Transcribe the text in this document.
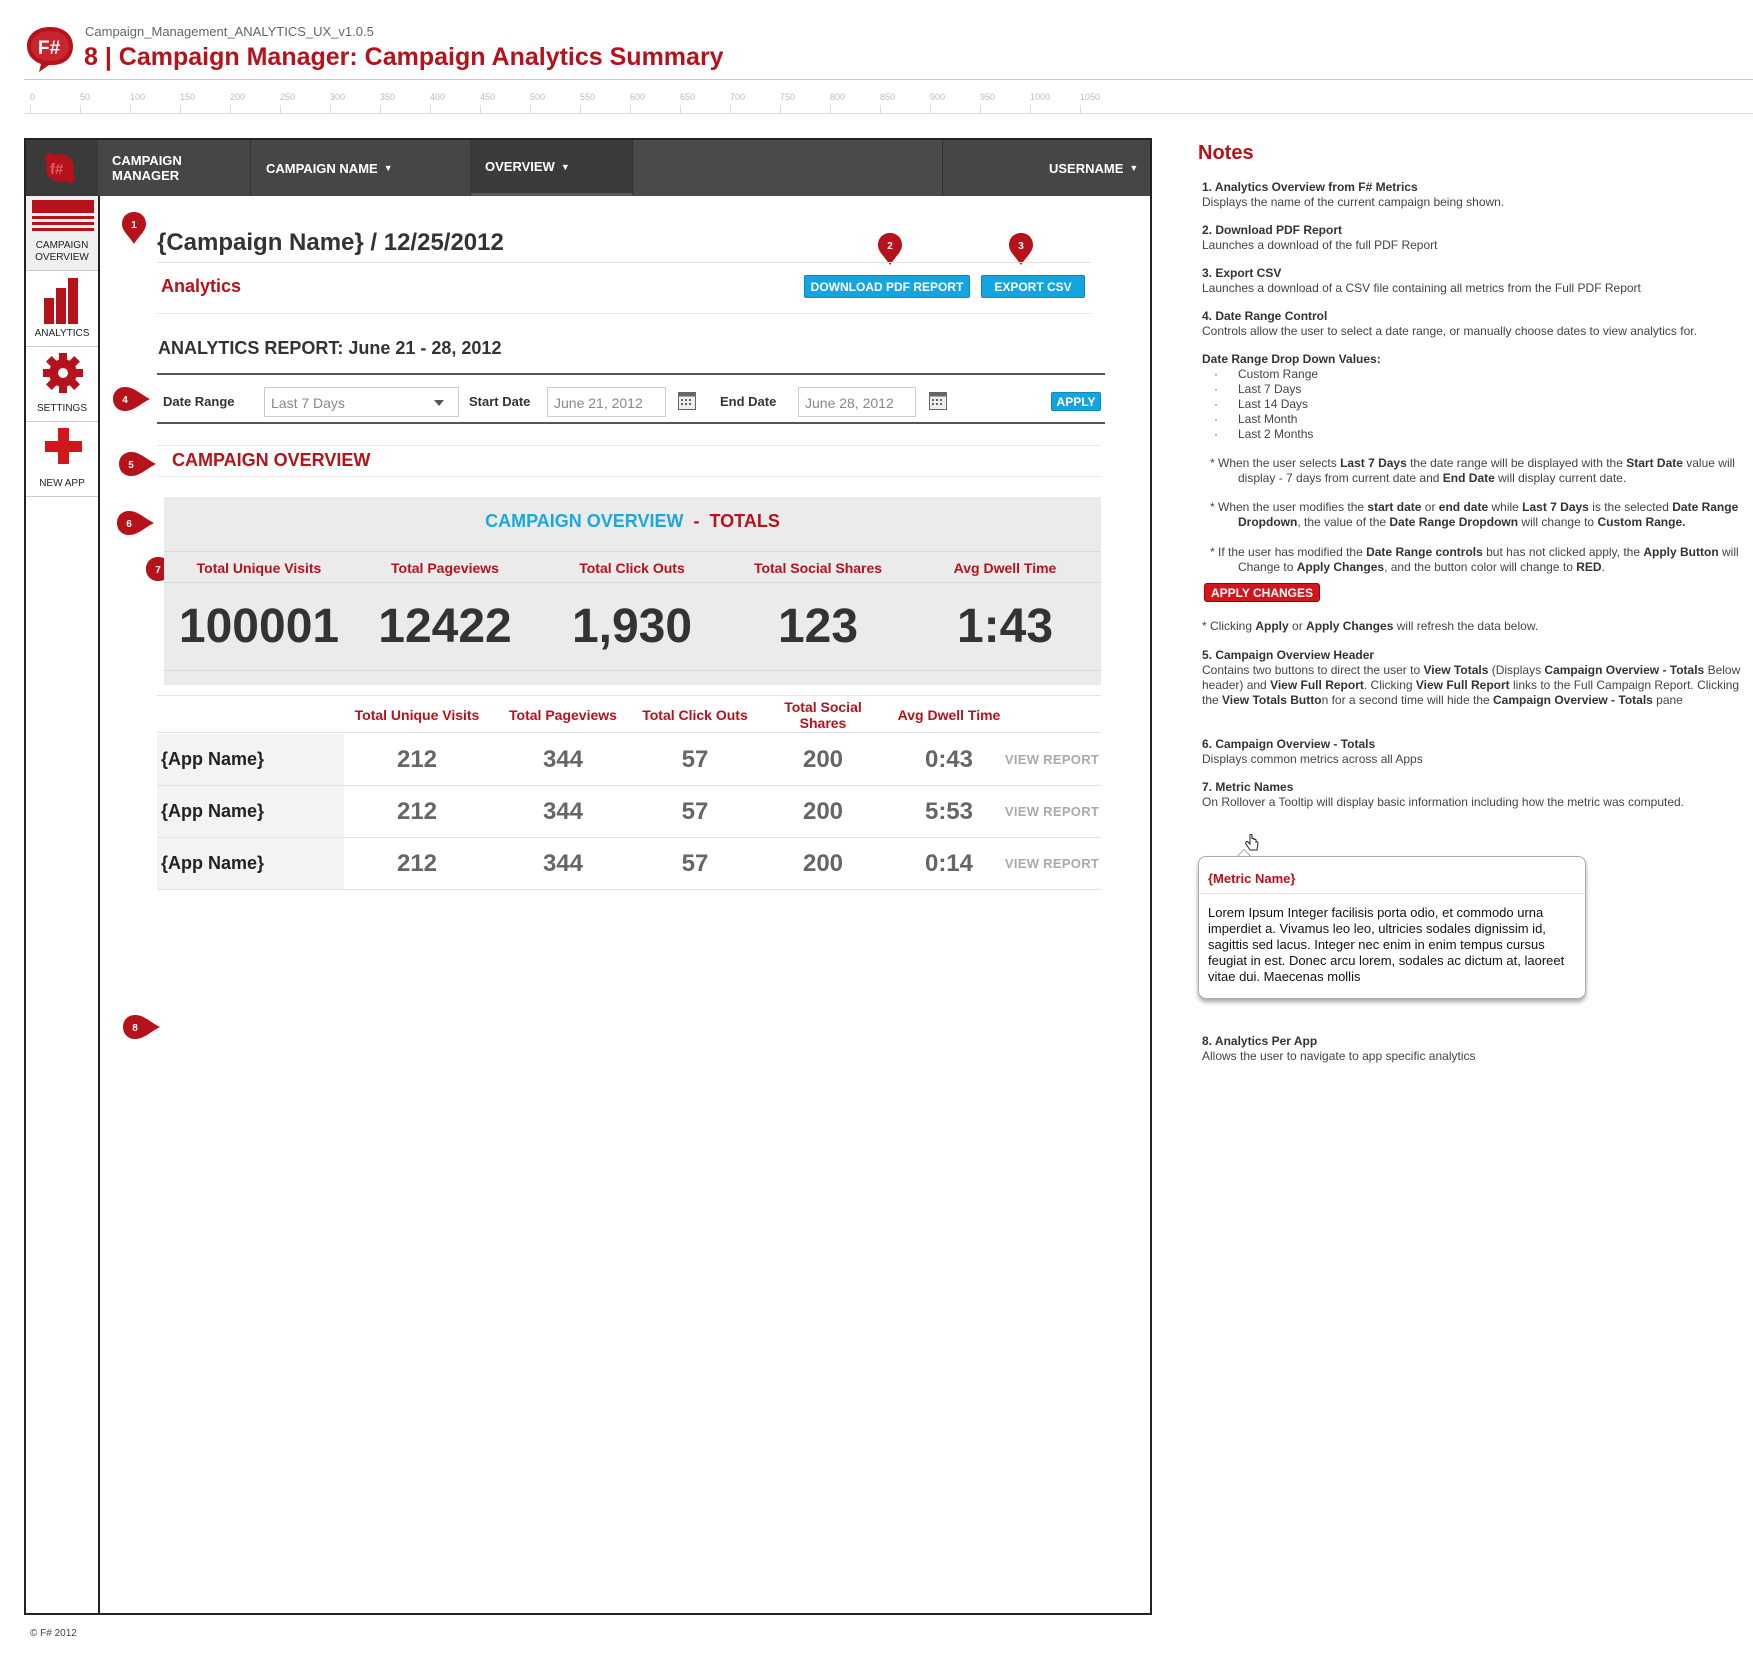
F#
Campaign_Management_ANALYTICS_UX_v1.0.5
8 | Campaign Manager: Campaign Analytics Summary
0	50	100	150	200	250	300	350	400	450	500	550	600	650	700	750	800	850	900	950	1000	1050
f#
CAMPAIGN
MANAGER	CAMPAIGN NAME ▼	OVERVIEW ▼	USERNAME ▼
CAMPAIGN
OVERVIEW
ANALYTICS
SETTINGS
NEW APP
1
2	3
4
5
6
7
8
{Campaign Name} / 12/25/2012
Analytics	DOWNLOAD PDF REPORT	EXPORT CSV
ANALYTICS REPORT: June 21 - 28, 2012
Date Range	Last 7 Days	Start Date	June 21, 2012	End Date	June 28, 2012	APPLY
CAMPAIGN OVERVIEW
CAMPAIGN OVERVIEW - TOTALS
Total Unique Visits	Total Pageviews	Total Click Outs	Total Social Shares	Avg Dwell Time
100001 12422	1,930	123	1:43
Total Unique Visits	Total Pageviews	Total Click Outs	Total Social Shares	Avg Dwell Time
{App Name}	212	344	57	200	0:43	VIEW REPORT
{App Name}	212	344	57	200	5:53	VIEW REPORT
{App Name}	212	344	57	200	0:14	VIEW REPORT
Notes
1. Analytics Overview from F# Metrics
Displays the name of the current campaign being shown.
2. Download PDF Report
Launches a download of the full PDF Report
3. Export CSV
Launches a download of a CSV file containing all metrics from the Full PDF Report
4. Date Range Control
Controls allow the user to select a date range, or manually choose dates to view analytics for.
Date Range Drop Down Values:
· Custom Range
· Last 7 Days
· Last 14 Days
· Last Month
· Last 2 Months
* When the user selects Last 7 Days the date range will be displayed with the Start Date value will display - 7 days from current date and End Date will display current date.
* When the user modifies the start date or end date while Last 7 Days is the selected Date Range Dropdown, the value of the Date Range Dropdown will change to Custom Range.
* If the user has modified the Date Range controls but has not clicked apply, the Apply Button will Change to Apply Changes, and the button color will change to RED.
APPLY CHANGES
* Clicking Apply or Apply Changes will refresh the data below.
5. Campaign Overview Header
Contains two buttons to direct the user to View Totals (Displays Campaign Overview - Totals Below header) and View Full Report. Clicking View Full Report links to the Full Campaign Report. Clicking the View Totals Button for a second time will hide the Campaign Overview - Totals pane
6. Campaign Overview - Totals
Displays common metrics across all Apps
7. Metric Names
On Rollover a Tooltip will display basic information including how the metric was computed.
{Metric Name}
Lorem Ipsum Integer facilisis porta odio, et commodo urna imperdiet a. Vivamus leo leo, ultricies sodales dignissim id, sagittis sed lacus. Integer nec enim in enim tempus cursus feugiat in est. Donec arcu lorem, sodales ac dictum at, laoreet vitae dui. Maecenas mollis
8. Analytics Per App
Allows the user to navigate to app specific analytics
© F# 2012
